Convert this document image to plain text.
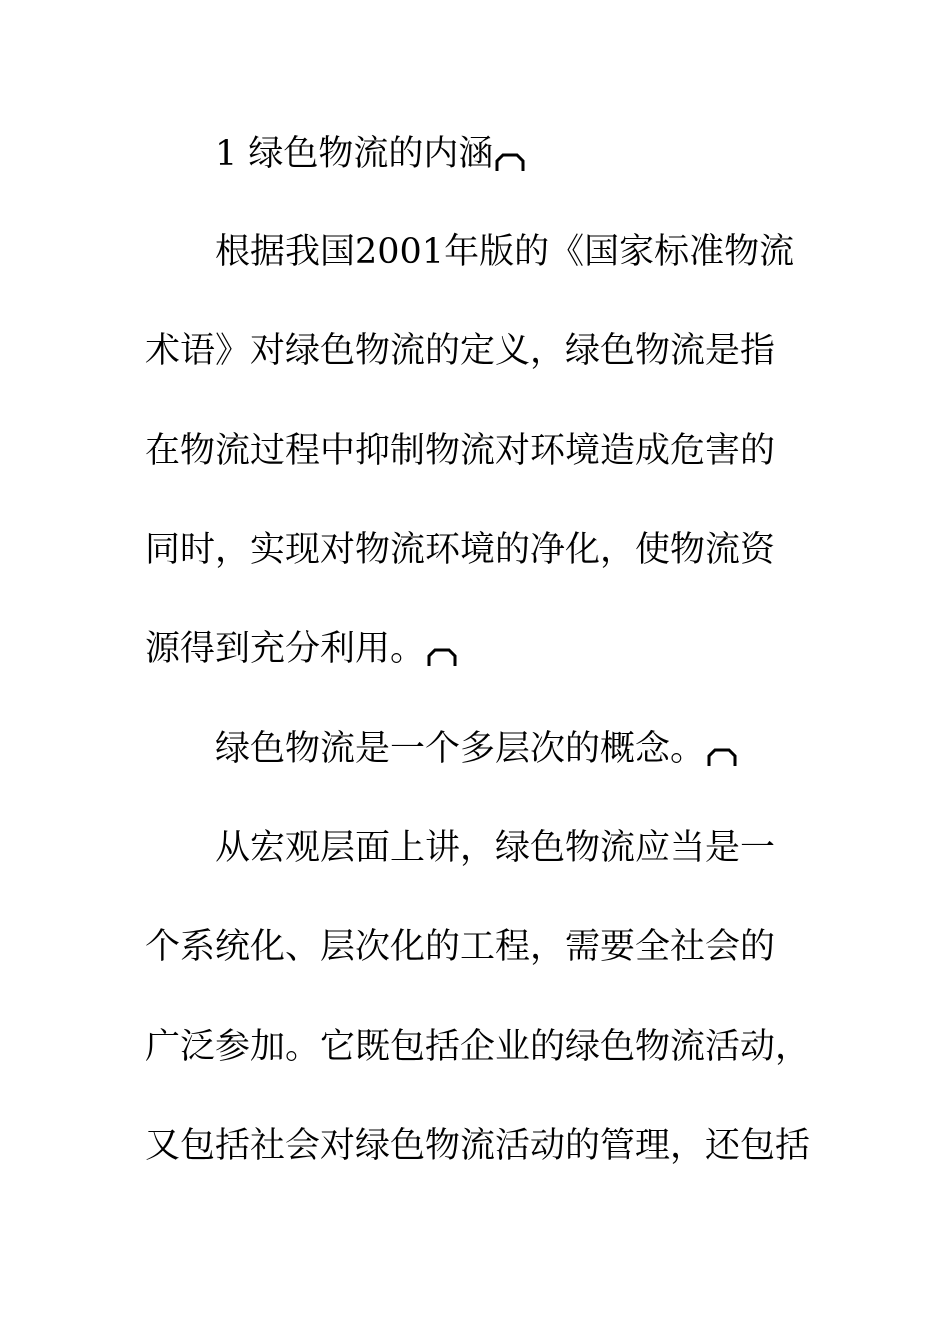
1 绿色物流的内涵
根据我国2001年版的《国家标准物流
术语》对绿色物流的定义，绿色物流是指
在物流过程中抑制物流对环境造成危害的
同时，实现对物流环境的净化，使物流资
源得到充分利用。
绿色物流是一个多层次的概念。
从宏观层面上讲，绿色物流应当是一
个系统化、层次化的工程，需要全社会的
广泛参加。它既包括企业的绿色物流活动，
又包括社会对绿色物流活动的管理，还包括
